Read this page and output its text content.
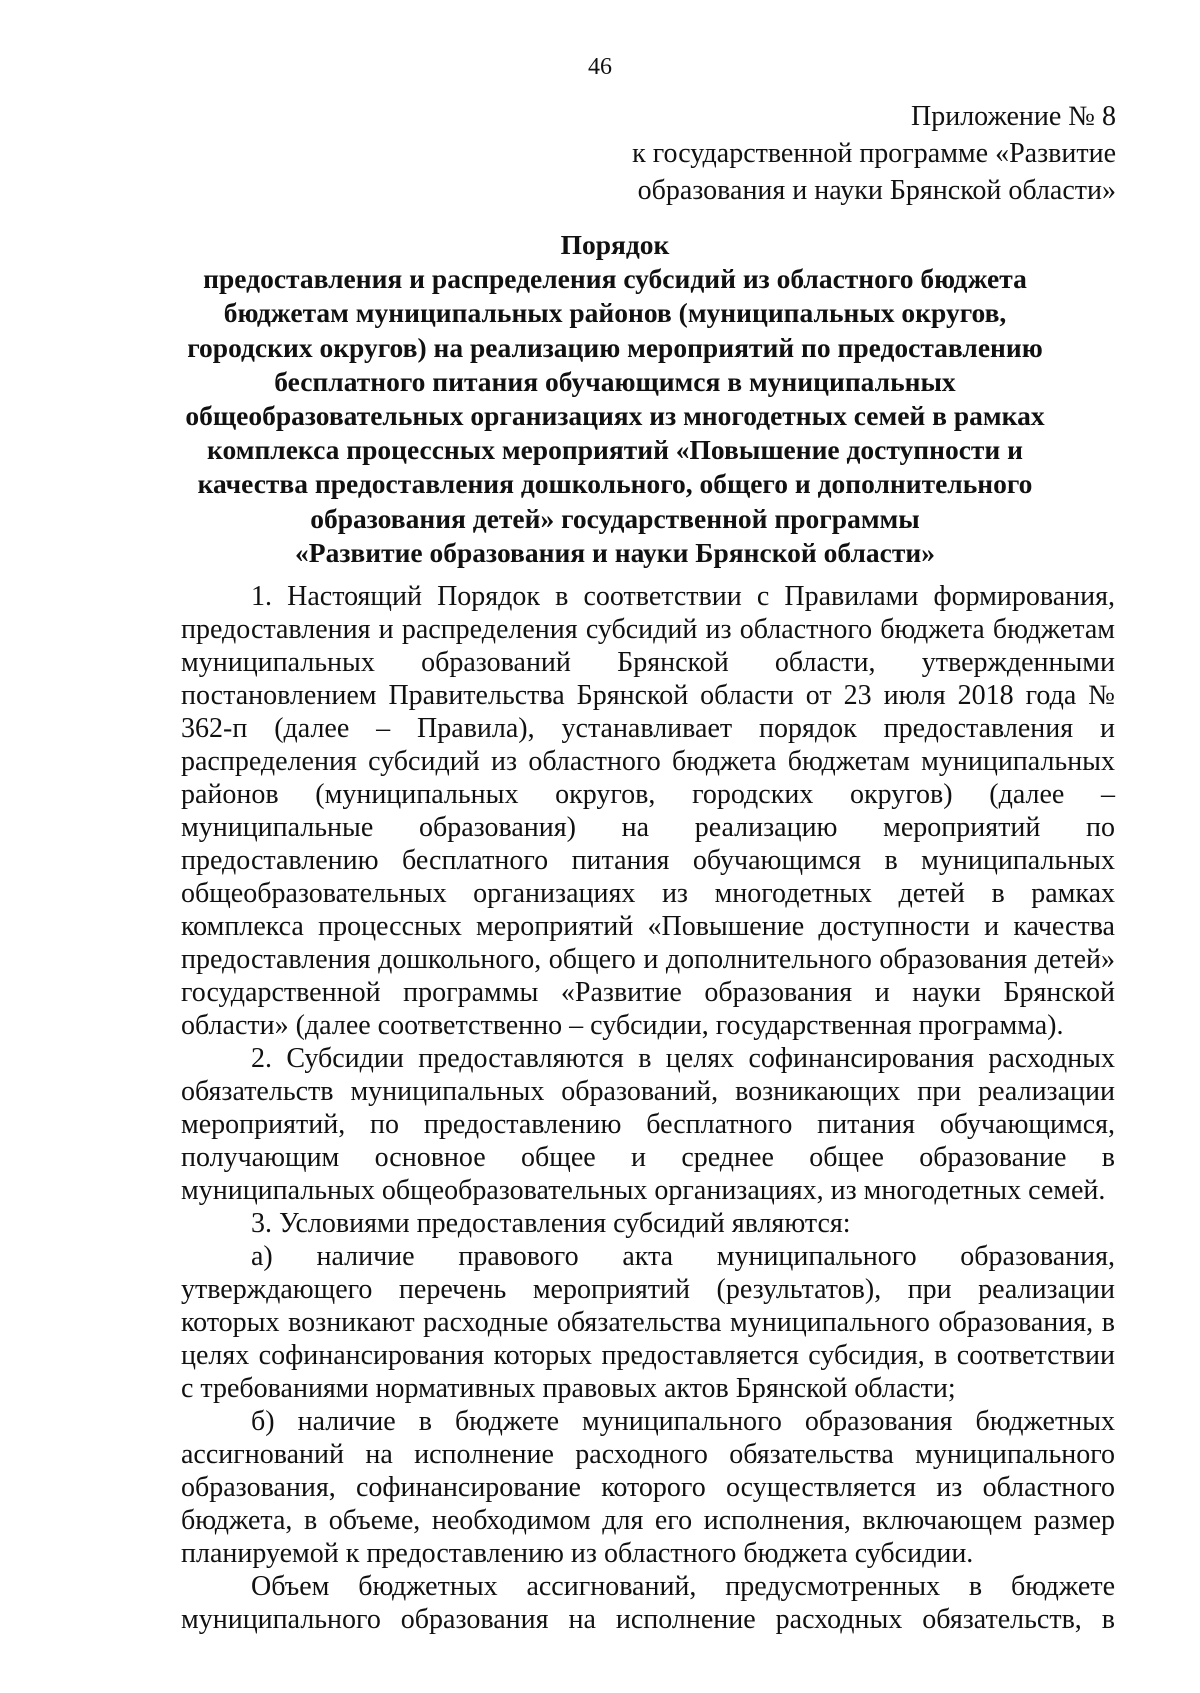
46
Приложение № 8
к государственной программе «Развитие
образования и науки Брянской области»
Порядок
предоставления и распределения субсидий из областного бюджета
бюджетам муниципальных районов (муниципальных округов,
городских округов) на реализацию мероприятий по предоставлению
бесплатного питания обучающимся в муниципальных
общеобразовательных организациях из многодетных семей в рамках
комплекса процессных мероприятий «Повышение доступности и
качества предоставления дошкольного, общего и дополнительного
образования детей» государственной программы
«Развитие образования и науки Брянской области»
1. Настоящий Порядок в соответствии с Правилами формирования,
предоставления и распределения субсидий из областного бюджета бюджетам
муниципальных образований Брянской области, утвержденными
постановлением Правительства Брянской области от 23 июля 2018 года №
362-п (далее – Правила), устанавливает порядок предоставления и
распределения субсидий из областного бюджета бюджетам муниципальных
районов (муниципальных округов, городских округов) (далее –
муниципальные образования) на реализацию мероприятий по
предоставлению бесплатного питания обучающимся в муниципальных
общеобразовательных организациях из многодетных детей в рамках
комплекса процессных мероприятий «Повышение доступности и качества
предоставления дошкольного, общего и дополнительного образования детей»
государственной программы «Развитие образования и науки Брянской
области» (далее соответственно – субсидии, государственная программа).
2. Субсидии предоставляются в целях софинансирования расходных
обязательств муниципальных образований, возникающих при реализации
мероприятий, по предоставлению бесплатного питания обучающимся,
получающим основное общее и среднее общее образование в
муниципальных общеобразовательных организациях, из многодетных семей.
3. Условиями предоставления субсидий являются:
а) наличие правового акта муниципального образования,
утверждающего перечень мероприятий (результатов), при реализации
которых возникают расходные обязательства муниципального образования, в
целях софинансирования которых предоставляется субсидия, в соответствии
с требованиями нормативных правовых актов Брянской области;
б) наличие в бюджете муниципального образования бюджетных
ассигнований на исполнение расходного обязательства муниципального
образования, софинансирование которого осуществляется из областного
бюджета, в объеме, необходимом для его исполнения, включающем размер
планируемой к предоставлению из областного бюджета субсидии.
Объем бюджетных ассигнований, предусмотренных в бюджете
муниципального образования на исполнение расходных обязательств, в
